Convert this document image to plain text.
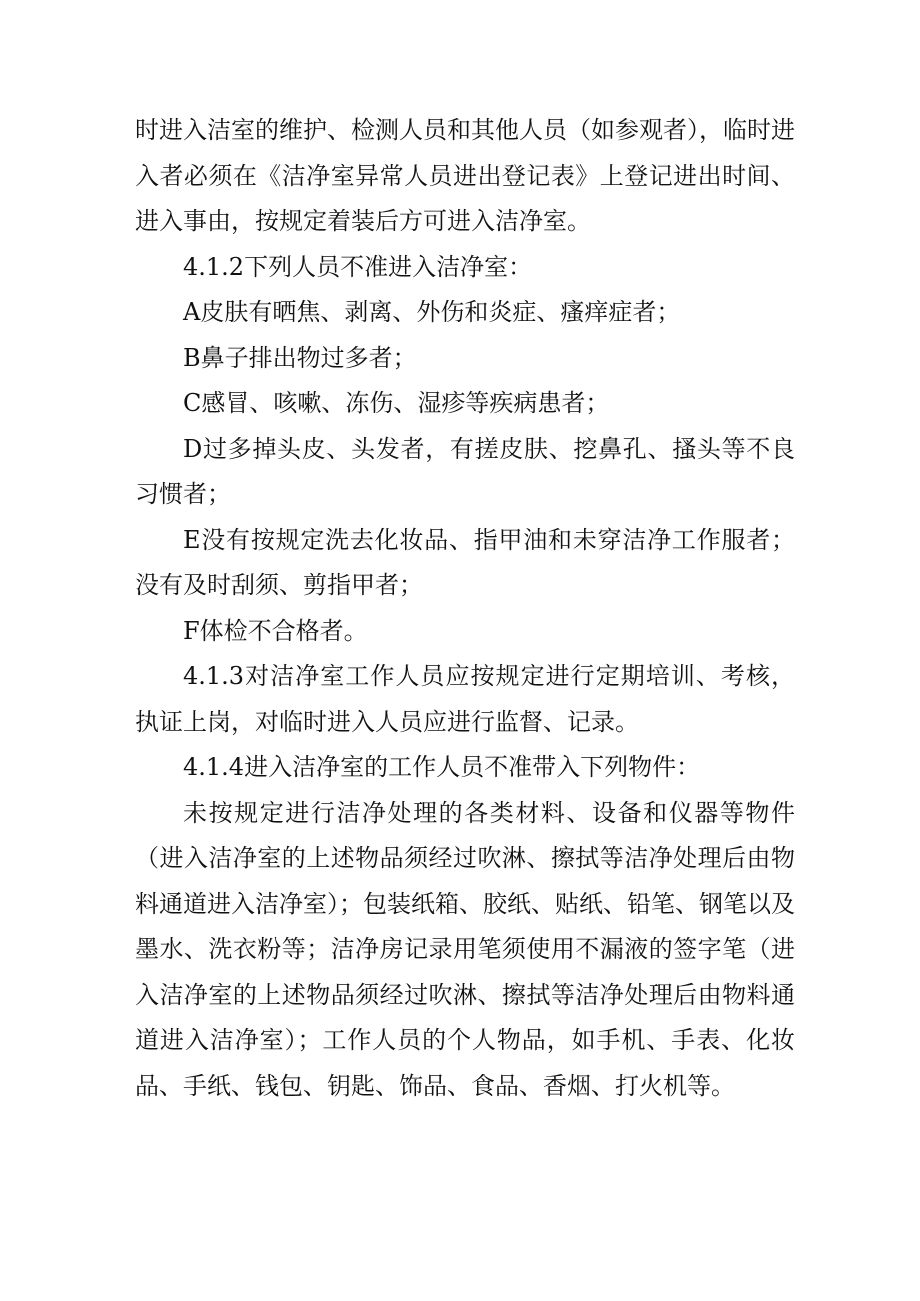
时进入洁室的维护、检测人员和其他人员（如参观者），临时进入者必须在《洁净室异常人员进出登记表》上登记进出时间、进入事由，按规定着装后方可进入洁净室。

4.1.2下列人员不准进入洁净室：

A皮肤有晒焦、剥离、外伤和炎症、瘙痒症者；

B鼻子排出物过多者；

C感冒、咳嗽、冻伤、湿疹等疾病患者；

D过多掉头皮、头发者，有搓皮肤、挖鼻孔、搔头等不良习惯者；

E没有按规定洗去化妆品、指甲油和未穿洁净工作服者；没有及时刮须、剪指甲者；

F体检不合格者。

4.1.3对洁净室工作人员应按规定进行定期培训、考核，执证上岗，对临时进入人员应进行监督、记录。

4.1.4进入洁净室的工作人员不准带入下列物件：

未按规定进行洁净处理的各类材料、设备和仪器等物件（进入洁净室的上述物品须经过吹淋、擦拭等洁净处理后由物料通道进入洁净室）；包装纸箱、胶纸、贴纸、铅笔、钢笔以及墨水、洗衣粉等；洁净房记录用笔须使用不漏液的签字笔（进入洁净室的上述物品须经过吹淋、擦拭等洁净处理后由物料通道进入洁净室）；工作人员的个人物品，如手机、手表、化妆品、手纸、钱包、钥匙、饰品、食品、香烟、打火机等。
